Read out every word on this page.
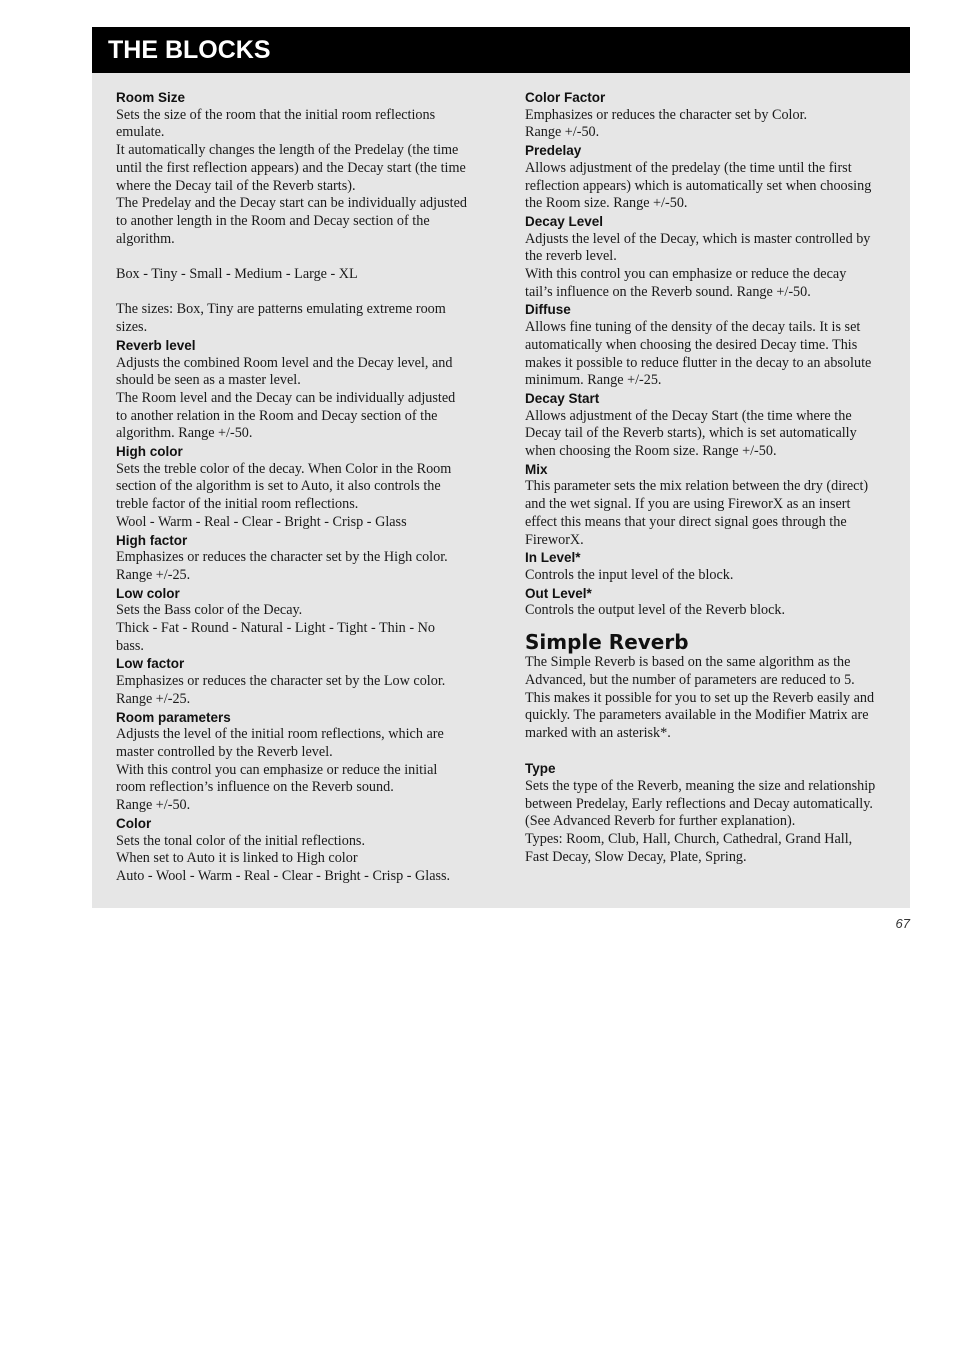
THE BLOCKS
Room Size
Sets the size of the room that the initial room reflections
emulate.
It automatically changes the length of the Predelay (the time
until the first reflection appears) and the Decay start (the time
where the Decay tail of the Reverb starts).
The Predelay and the Decay start can be individually adjusted
to another length in the Room and Decay section of the
algorithm.
Box - Tiny - Small - Medium - Large - XL
The sizes: Box, Tiny are patterns emulating extreme room
sizes.
Reverb level
Adjusts the combined Room level and the Decay level, and
should be seen as a master level.
The Room level and the Decay can be individually adjusted
to another relation in the Room and Decay section of the
algorithm. Range +/-50.
High color
Sets the treble color of the decay. When Color in the Room
section of the algorithm is set to Auto, it also controls the
treble factor of the initial room reflections.
Wool - Warm - Real - Clear - Bright - Crisp - Glass
High factor
Emphasizes or reduces the character set by the High color.
Range +/-25.
Low color
Sets the Bass color of the Decay.
Thick - Fat - Round - Natural - Light - Tight - Thin - No
bass.
Low factor
Emphasizes or reduces the character set by the Low color.
Range +/-25.
Room parameters
Adjusts the level of the initial room reflections, which are
master controlled by the Reverb level.
With this control you can emphasize or reduce the initial
room reflection’s influence on the Reverb sound.
Range +/-50.
Color
Sets the tonal color of the initial reflections.
When set to Auto it is linked to High color
Auto - Wool - Warm - Real - Clear - Bright - Crisp - Glass.
Color Factor
Emphasizes or reduces the character set by Color.
Range +/-50.
Predelay
Allows adjustment of the predelay (the time until the first
reflection appears) which is automatically set when choosing
the Room size. Range +/-50.
Decay Level
Adjusts the level of the Decay, which is master controlled by
the reverb level.
With this control you can emphasize or reduce the decay
tail’s influence on the Reverb sound. Range +/-50.
Diffuse
Allows fine tuning of the density of the decay tails. It is set
automatically when choosing the desired Decay time. This
makes it possible to reduce flutter in the decay to an absolute
minimum. Range +/-25.
Decay Start
Allows adjustment of the Decay Start (the time where the
Decay tail of the Reverb starts), which is set automatically
when choosing the Room size. Range +/-50.
Mix
This parameter sets the mix relation between the dry (direct)
and the wet signal. If you are using FireworX as an insert
effect this means that your direct signal goes through the
FireworX.
In Level*
Controls the input level of the block.
Out Level*
Controls the output level of the Reverb block.
Simple Reverb
The Simple Reverb is based on the same algorithm as the
Advanced, but the number of parameters are reduced to 5.
This makes it possible for you to set up the Reverb easily and
quickly. The parameters available in the Modifier Matrix are
marked with an asterisk*.
Type
Sets the type of the Reverb, meaning the size and relationship
between Predelay, Early reflections and Decay automatically.
(See Advanced Reverb for further explanation).
Types: Room, Club, Hall, Church, Cathedral, Grand Hall,
Fast Decay, Slow Decay, Plate, Spring.
67
